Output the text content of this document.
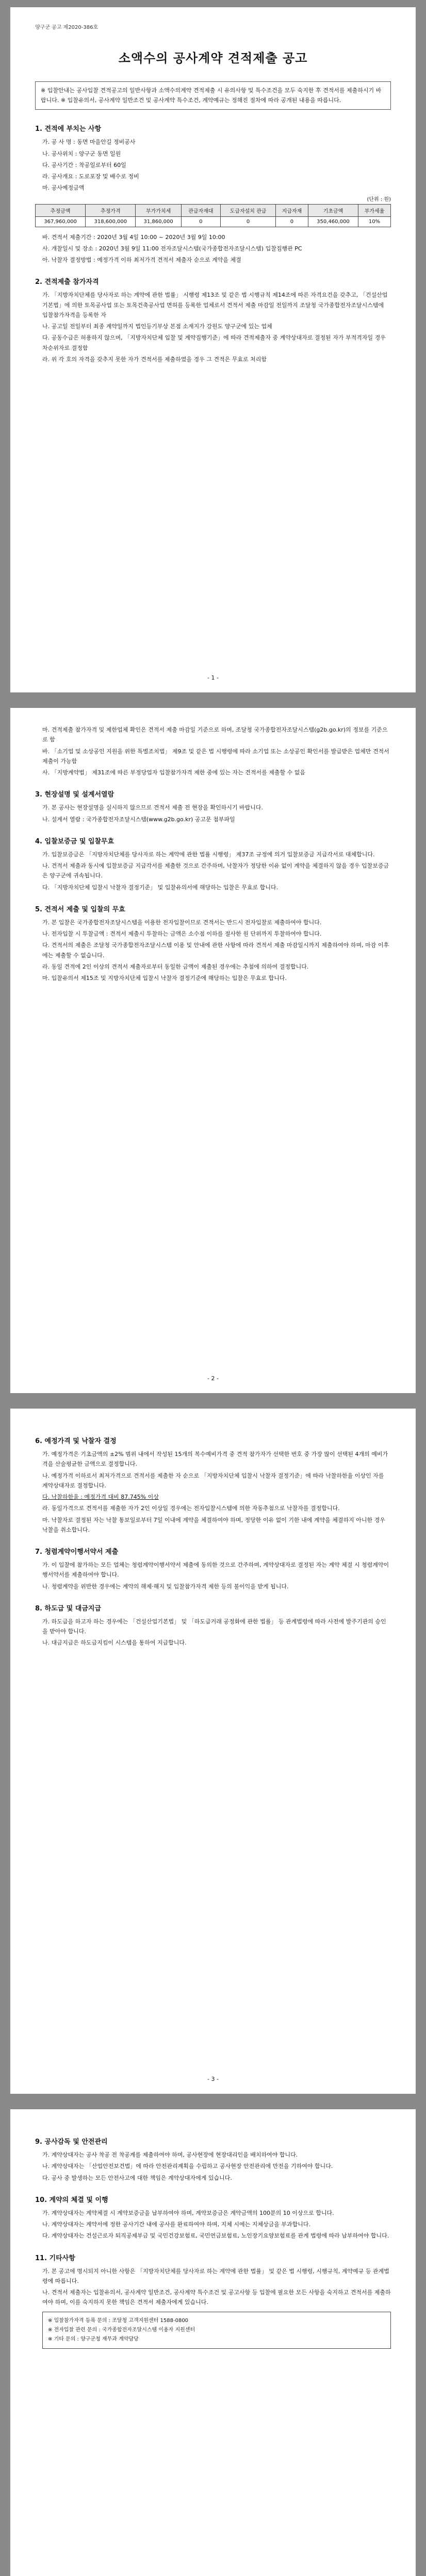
양구군 공고 제2020-386호
소액수의 공사계약 견적제출 공고
※ 입찰안내는 공사입찰 견적공고의 일반사항과 소액수의계약 견적제출 시 유의사항 및 특수조건을 모두 숙지한 후 견적서를 제출하시기 바랍니다. ※ 입찰유의서, 공사계약 일반조건 및 공사계약 특수조건, 계약예규는 정해진 절차에 따라 공개된 내용을 따릅니다.
1. 견적에 부치는 사항
가. 공 사 명 : 동면 마을안길 정비공사
나. 공사위치 : 양구군 동면 일원
다. 공사기간 : 착공일로부터 60일
라. 공사개요 : 도로포장 및 배수로 정비
마. 공사예정금액
(단위 : 원)
추정금액	추정가격	부가가치세	관급자재대	도급자설치 관급	지급자재	기초금액	부가세율
367,960,000	318,600,000	31,860,000	0	0	0	350,460,000	10%
바. 견적서 제출기간 : 2020년 3월 4일 10:00 ~ 2020년 3월 9일 10:00
사. 개찰일시 및 장소 : 2020년 3월 9일 11:00 전자조달시스템(국가종합전자조달시스템) 입찰집행관 PC
아. 낙찰자 결정방법 : 예정가격 이하 최저가격 견적서 제출자 순으로 계약을 체결
2. 견적제출 참가자격
가. 「지방자치단체를 당사자로 하는 계약에 관한 법률」 시행령 제13조 및 같은 법 시행규칙 제14조에 따른 자격요건을 갖추고, 「건설산업기본법」에 의한 토목공사업 또는 토목건축공사업 면허를 등록한 업체로서 견적서 제출 마감일 전일까지 조달청 국가종합전자조달시스템에 입찰참가자격을 등록한 자
나. 공고일 전일부터 최종 계약일까지 법인등기부상 본점 소재지가 강원도 양구군에 있는 업체
다. 공동수급은 허용하지 않으며, 「지방자치단체 입찰 및 계약집행기준」에 따라 견적제출자 중 계약상대자로 결정된 자가 부적격자일 경우 차순위자로 결정함
라. 위 각 호의 자격을 갖추지 못한 자가 견적서를 제출하였을 경우 그 견적은 무효로 처리함
- 1 -
마. 견적제출 참가자격 및 제한업체 확인은 견적서 제출 마감일 기준으로 하며, 조달청 국가종합전자조달시스템(g2b.go.kr)의 정보를 기준으로 함
바. 「소기업 및 소상공인 지원을 위한 특별조치법」 제9조 및 같은 법 시행령에 따라 소기업 또는 소상공인 확인서를 발급받은 업체만 견적서 제출이 가능함
사. 「지방계약법」 제31조에 따른 부정당업자 입찰참가자격 제한 중에 있는 자는 견적서를 제출할 수 없음
3. 현장설명 및 설계서열람
가. 본 공사는 현장설명을 실시하지 않으므로 견적서 제출 전 현장을 확인하시기 바랍니다.
나. 설계서 열람 : 국가종합전자조달시스템(www.g2b.go.kr) 공고문 첨부파일
4. 입찰보증금 및 입찰무효
가. 입찰보증금은 「지방자치단체를 당사자로 하는 계약에 관한 법률 시행령」 제37조 규정에 의거 입찰보증금 지급각서로 대체합니다.
나. 견적서 제출과 동시에 입찰보증금 지급각서를 제출한 것으로 간주하며, 낙찰자가 정당한 이유 없이 계약을 체결하지 않을 경우 입찰보증금은 양구군에 귀속됩니다.
다. 「지방자치단체 입찰시 낙찰자 결정기준」 및 입찰유의서에 해당하는 입찰은 무효로 합니다.
5. 견적서 제출 및 입찰의 무효
가. 본 입찰은 국가종합전자조달시스템을 이용한 전자입찰이므로 견적서는 반드시 전자입찰로 제출하여야 합니다.
나. 전자입찰 시 투찰금액 : 견적서 제출시 투찰하는 금액은 소수점 이하를 절사한 원 단위까지 투찰하여야 합니다.
다. 견적서의 제출은 조달청 국가종합전자조달시스템 이용 및 안내에 관한 사항에 따라 견적서 제출 마감일시까지 제출하여야 하며, 마감 이후에는 제출할 수 없습니다.
라. 동일 견적에 2인 이상의 견적서 제출자로부터 동일한 금액이 제출된 경우에는 추첨에 의하여 결정합니다.
마. 입찰유의서 제15조 및 지방자치단체 입찰시 낙찰자 결정기준에 해당하는 입찰은 무효로 합니다.
- 2 -
6. 예정가격 및 낙찰자 결정
가. 예정가격은 기초금액의 ±2% 범위 내에서 작성된 15개의 복수예비가격 중 견적 참가자가 선택한 번호 중 가장 많이 선택된 4개의 예비가격을 산술평균한 금액으로 결정합니다.
나. 예정가격 이하로서 최저가격으로 견적서를 제출한 자 순으로 「지방자치단체 입찰시 낙찰자 결정기준」에 따라 낙찰하한율 이상인 자를 계약상대자로 결정합니다.
다. 낙찰하한율 : 예정가격 대비 87.745% 이상
라. 동일가격으로 견적서를 제출한 자가 2인 이상일 경우에는 전자입찰시스템에 의한 자동추첨으로 낙찰자를 결정합니다.
마. 낙찰자로 결정된 자는 낙찰 통보일로부터 7일 이내에 계약을 체결하여야 하며, 정당한 이유 없이 기한 내에 계약을 체결하지 아니한 경우 낙찰을 취소합니다.
7. 청렴계약이행서약서 제출
가. 이 입찰에 참가하는 모든 업체는 청렴계약이행서약서 제출에 동의한 것으로 간주하며, 계약상대자로 결정된 자는 계약 체결 시 청렴계약이행서약서를 제출하여야 합니다.
나. 청렴계약을 위반한 경우에는 계약의 해제·해지 및 입찰참가자격 제한 등의 불이익을 받게 됩니다.
8. 하도급 및 대금지급
가. 하도급을 하고자 하는 경우에는 「건설산업기본법」 및 「하도급거래 공정화에 관한 법률」 등 관계법령에 따라 사전에 발주기관의 승인을 받아야 합니다.
나. 대금지급은 하도급지킴이 시스템을 통하여 지급합니다.
- 3 -
9. 공사감독 및 안전관리
가. 계약상대자는 공사 착공 전 착공계를 제출하여야 하며, 공사현장에 현장대리인을 배치하여야 합니다.
나. 계약상대자는 「산업안전보건법」에 따라 안전관리계획을 수립하고 공사현장 안전관리에 만전을 기하여야 합니다.
다. 공사 중 발생하는 모든 안전사고에 대한 책임은 계약상대자에게 있습니다.
10. 계약의 체결 및 이행
가. 계약상대자는 계약체결 시 계약보증금을 납부하여야 하며, 계약보증금은 계약금액의 100분의 10 이상으로 합니다.
나. 계약상대자는 계약서에 정한 공사기간 내에 공사를 완료하여야 하며, 지체 시에는 지체상금을 부과합니다.
다. 계약상대자는 건설근로자 퇴직공제부금 및 국민건강보험료, 국민연금보험료, 노인장기요양보험료를 관계 법령에 따라 납부하여야 합니다.
11. 기타사항
가. 본 공고에 명시되지 아니한 사항은 「지방자치단체를 당사자로 하는 계약에 관한 법률」 및 같은 법 시행령, 시행규칙, 계약예규 등 관계법령에 따릅니다.
나. 견적서 제출자는 입찰유의서, 공사계약 일반조건, 공사계약 특수조건 및 공고사항 등 입찰에 필요한 모든 사항을 숙지하고 견적서를 제출하여야 하며, 이를 숙지하지 못한 책임은 견적서 제출자에게 있습니다.
※ 입찰참가자격 등록 문의 : 조달청 고객지원센터 1588-0800
※ 전자입찰 관련 문의 : 국가종합전자조달시스템 이용자 지원센터
※ 기타 문의 : 양구군청 재무과 계약담당
